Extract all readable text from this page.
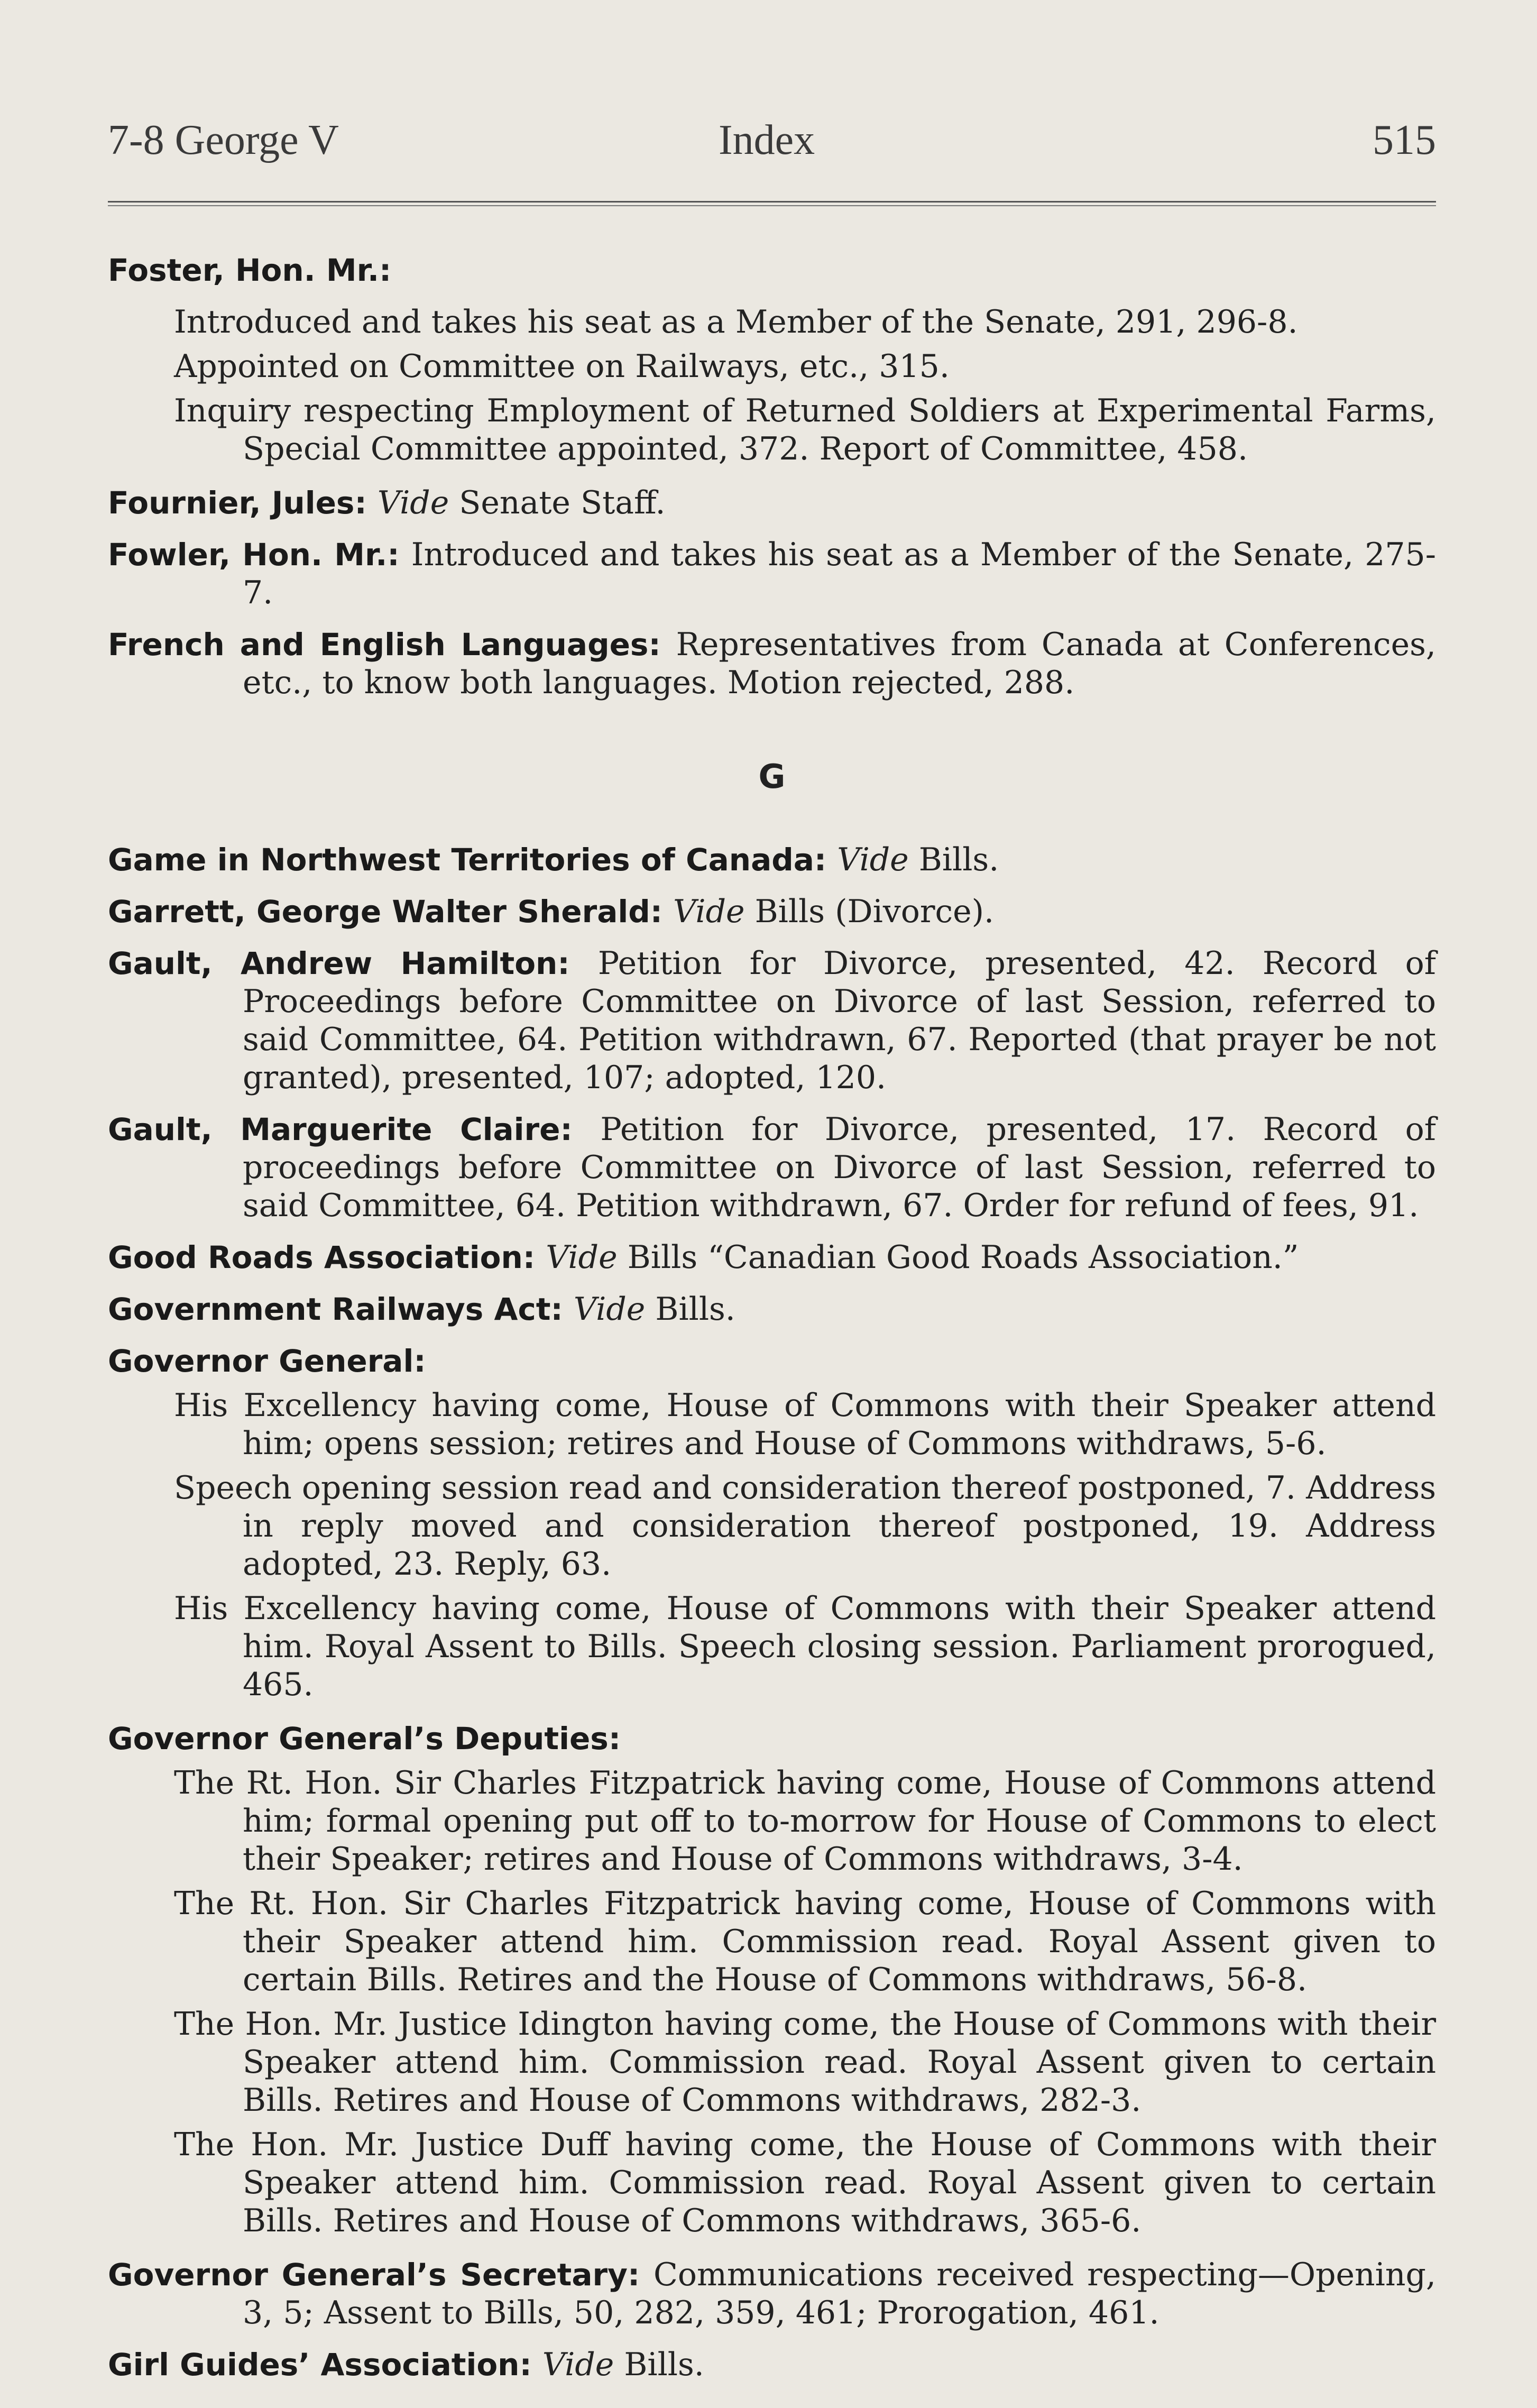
7-8 George V	Index	515
Foster, Hon. Mr.:
Introduced and takes his seat as a Member of the Senate, 291, 296-8.
Appointed on Committee on Railways, etc., 315.
Inquiry respecting Employment of Returned Soldiers at Experimental Farms, Special Committee appointed, 372. Report of Committee, 458.
Fournier, Jules: Vide Senate Staff.
Fowler, Hon. Mr.: Introduced and takes his seat as a Member of the Senate, 275-7.
French and English Languages: Representatives from Canada at Conferences, etc., to know both languages. Motion rejected, 288.
G
Game in Northwest Territories of Canada: Vide Bills.
Garrett, George Walter Sherald: Vide Bills (Divorce).
Gault, Andrew Hamilton: Petition for Divorce, presented, 42. Record of Proceedings before Committee on Divorce of last Session, referred to said Committee, 64. Petition withdrawn, 67. Reported (that prayer be not granted), presented, 107; adopted, 120.
Gault, Marguerite Claire: Petition for Divorce, presented, 17. Record of proceedings before Committee on Divorce of last Session, referred to said Committee, 64. Petition withdrawn, 67. Order for refund of fees, 91.
Good Roads Association: Vide Bills “Canadian Good Roads Association.”
Government Railways Act: Vide Bills.
Governor General:
His Excellency having come, House of Commons with their Speaker attend him; opens session; retires and House of Commons withdraws, 5-6.
Speech opening session read and consideration thereof postponed, 7. Address in reply moved and consideration thereof postponed, 19. Address adopted, 23. Reply, 63.
His Excellency having come, House of Commons with their Speaker attend him. Royal Assent to Bills. Speech closing session. Parliament prorogued, 465.
Governor General’s Deputies:
The Rt. Hon. Sir Charles Fitzpatrick having come, House of Commons attend him; formal opening put off to to-morrow for House of Commons to elect their Speaker; retires and House of Commons withdraws, 3-4.
The Rt. Hon. Sir Charles Fitzpatrick having come, House of Commons with their Speaker attend him. Commission read. Royal Assent given to certain Bills. Retires and the House of Commons withdraws, 56-8.
The Hon. Mr. Justice Idington having come, the House of Commons with their Speaker attend him. Commission read. Royal Assent given to certain Bills. Retires and House of Commons withdraws, 282-3.
The Hon. Mr. Justice Duff having come, the House of Commons with their Speaker attend him. Commission read. Royal Assent given to certain Bills. Retires and House of Commons withdraws, 365-6.
Governor General’s Secretary: Communications received respecting—Opening, 3, 5; Assent to Bills, 50, 282, 359, 461; Prorogation, 461.
Girl Guides’ Association: Vide Bills.
